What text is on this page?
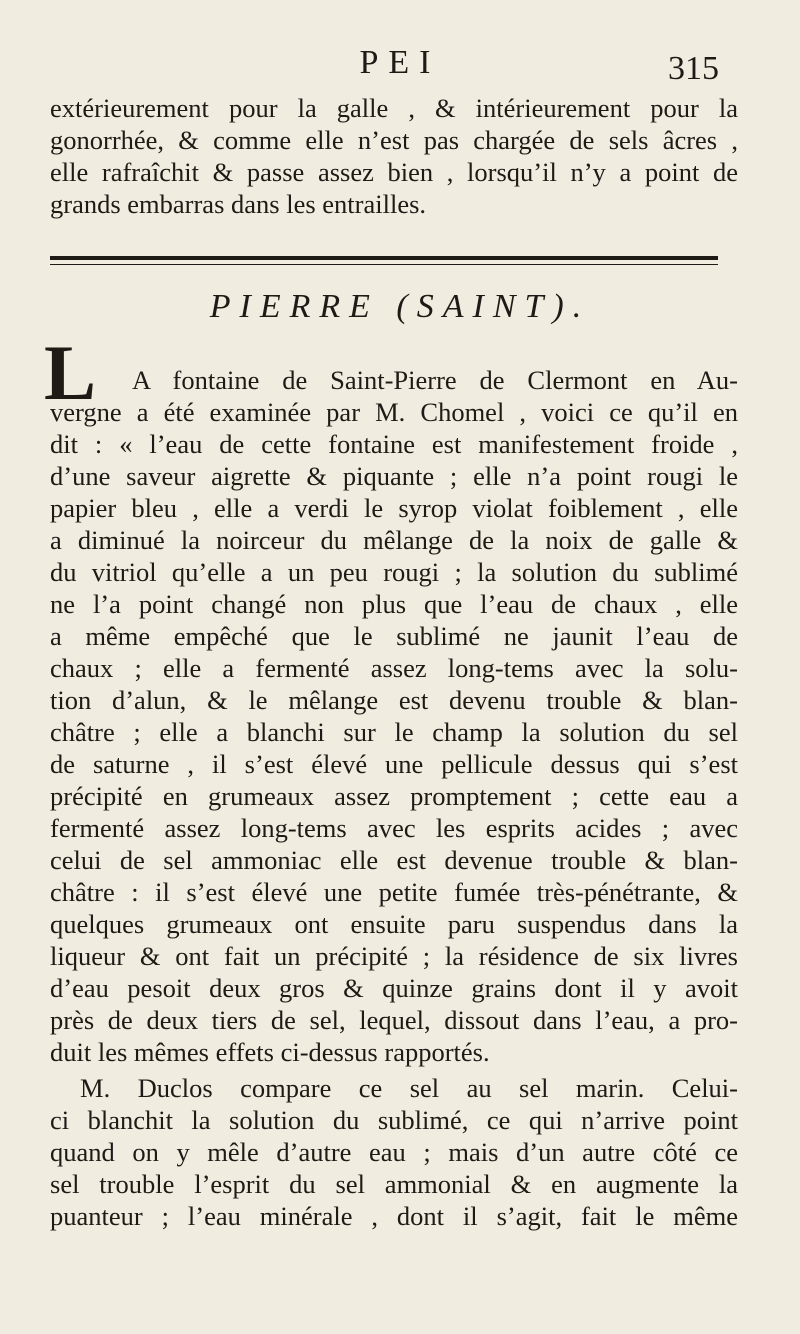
PEI	315
extérieurement pour la galle , & intérieurement pour la
gonorrhée, & comme elle n’est pas chargée de sels âcres ,
elle rafraîchit & passe assez bien , lorsqu’il n’y a point de
grands embarras dans les entrailles.
PIERRE (SAINT).
L A fontaine de Saint-Pierre de Clermont en Au-
vergne a été examinée par M. Chomel , voici ce qu’il en
dit : « l’eau de cette fontaine est manifestement froide ,
d’une saveur aigrette & piquante ; elle n’a point rougi le
papier bleu , elle a verdi le syrop violat foiblement , elle
a diminué la noirceur du mêlange de la noix de galle &
du vitriol qu’elle a un peu rougi ; la solution du sublimé
ne l’a point changé non plus que l’eau de chaux , elle
a même empêché que le sublimé ne jaunit l’eau de
chaux ; elle a fermenté assez long-tems avec la solu-
tion d’alun, & le mêlange est devenu trouble & blan-
châtre ; elle a blanchi sur le champ la solution du sel
de saturne , il s’est élevé une pellicule dessus qui s’est
précipité en grumeaux assez promptement ; cette eau a
fermenté assez long-tems avec les esprits acides ; avec
celui de sel ammoniac elle est devenue trouble & blan-
châtre : il s’est élevé une petite fumée très-pénétrante, &
quelques grumeaux ont ensuite paru suspendus dans la
liqueur & ont fait un précipité ; la résidence de six livres
d’eau pesoit deux gros & quinze grains dont il y avoit
près de deux tiers de sel, lequel, dissout dans l’eau, a pro-
duit les mêmes effets ci-dessus rapportés.
M. Duclos compare ce sel au sel marin. Celui-
ci blanchit la solution du sublimé, ce qui n’arrive point
quand on y mêle d’autre eau ; mais d’un autre côté ce
sel trouble l’esprit du sel ammonial & en augmente la
puanteur ; l’eau minérale , dont il s’agit, fait le même
